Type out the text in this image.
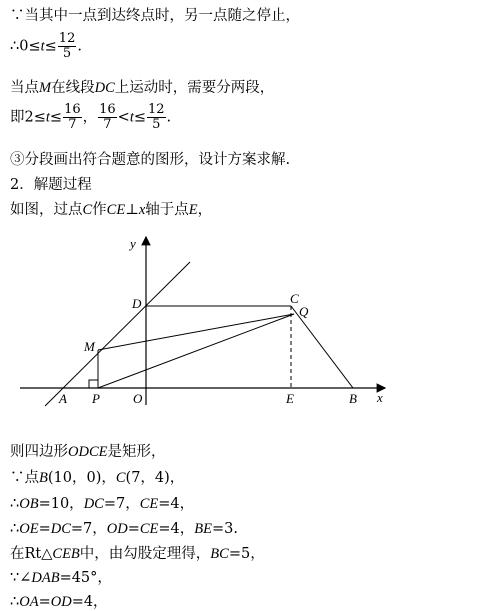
∵当其中一点到达终点时，另一点随之停止，
∴0≤t≤ $\frac{12}{5}$ .
当点M在线段DC上运动时，需要分两段，
即$2\le t\le \frac{16}{7}$ ， $\frac{16}{7} <t\le \frac{12}{5}$ .
③分段画出符合题意的图形，设计方案求解.
2．解题过程
如图，过点C作CE⊥x轴于点E，
y
x
D	C
Q
M
A P	O	E	B
则四边形ODCE是矩形，
∵点B(10，0)，C(7，4)，
∴OB=10，DC=7，CE=4，
∴OE=DC=7，OD=CE=4，BE=3.
在Rt△CEB中，由勾股定理得，BC=5，
∵∠DAB=45°，
∴OA=OD=4，
